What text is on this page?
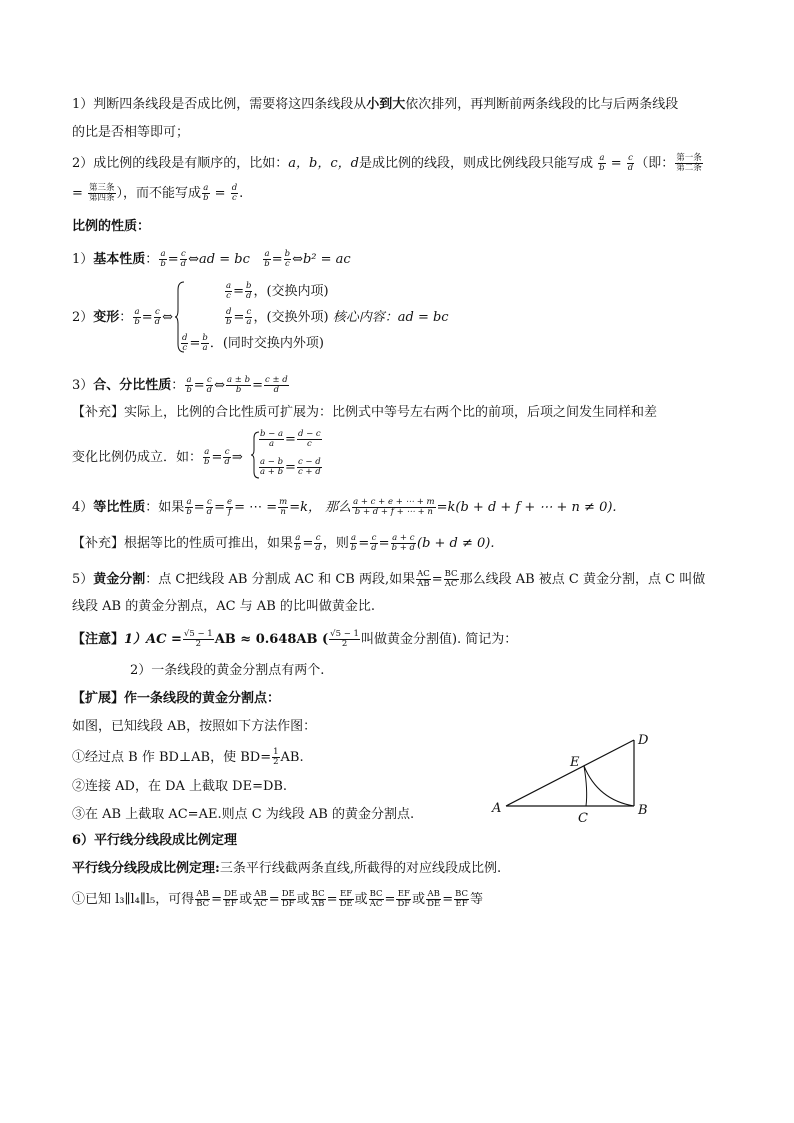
1）判断四条线段是否成比例，需要将这四条线段从小到大依次排列，再判断前两条线段的比与后两条线段
的比是否相等即可；
2）成比例的线段是有顺序的，比如：a，b，c，d是成比例的线段，则成比例线段只能写成 $\frac{a}{b} = \frac{c}{d}$ （即： $\frac{\text{第一条}}{\text{第二条}}$
= $\frac{\text{第三条}}{\text{第四条}}$ ），而不能写成 $\frac{a}{b} = \frac{d}{c}$ .
比例的性质：
1）基本性质： $\frac{a}{b} = \frac{c}{d}$ ⇔ad = bc $\frac{a}{b} = \frac{b}{c}$ ⇔b² = ac
2）变形： $\frac{a}{b} = \frac{c}{d}$ ⇔
$\frac{a}{c} = \frac{b}{d}$ ，(交换内项)
$\frac{d}{b} = \frac{c}{a}$ ，(交换外项) 核心内容：ad = bc
$\frac{d}{c} = \frac{b}{a}$ ．(同时交换内外项)
3）合、分比性质： $\frac{a}{b} = \frac{c}{d}$ ⇔ $\frac{a \pm b}{b} = \frac{c \pm d}{d}$
【补充】实际上，比例的合比性质可扩展为：比例式中等号左右两个比的前项，后项之间发生同样和差
变化比例仍成立．如： $\frac{a}{b} = \frac{c}{d}$ ⇒
$\frac{b - a}{a} = \frac{d - c}{c}$
$\frac{a - b}{a + b} = \frac{c - d}{c + d}$
4）等比性质：如果 $\frac{a}{b} = \frac{c}{d} = \frac{e}{f}$ = ⋯ = $\frac{m}{n} =k$， 那么 $\frac{a + c + e + \cdots + m}{b + d + f + \cdots + n} =k(b + d + f$ + ⋯ + n ≠ 0).
【补充】根据等比的性质可推出，如果 $\frac{a}{b} = \frac{c}{d}$ ，则 $\frac{a}{b} = \frac{c}{d} = \frac{a + c}{b + d} (b + d \ne 0)$.
5）黄金分割：点 C把线段 AB 分割成 AC 和 CB 两段,如果 $\frac{AC}{AB} = \frac{BC}{AC}$ 那么线段 AB 被点 C 黄金分割，点 C 叫做
线段 AB 的黄金分割点，AC 与 AB 的比叫做黄金比.
【注意】$1)AC = \frac{√5 - 1}{2}$ AB ≈ 0.648AB ( $\frac{√5 - 1}{2}$ 叫做黄金分割值). 简记为：
2）一条线段的黄金分割点有两个.
【扩展】作一条线段的黄金分割点：
如图，已知线段 AB，按照如下方法作图：
①经过点 B 作 BD⊥AB，使 $BD= \frac{1}{2}$ AB.
②连接 AD，在 DA 上截取 DE=DB.
③在 AB 上截取 AC=AE.则点 C 为线段 AB 的黄金分割点.	A	B
C
D
E
6）平行线分线段成比例定理
平行线分线段成比例定理:三条平行线截两条直线,所截得的对应线段成比例.
①已知 l₃∥l₄∥l₅，可得 $\frac{AB}{BC} = \frac{DE}{EF}$ 或 $\frac{AB}{AC} = \frac{DE}{DF}$ 或 $\frac{BC}{AB} = \frac{EF}{DE}$ 或 $\frac{BC}{AC} = \frac{EF}{DF}$ 或 $\frac{AB}{DE} = \frac{BC}{EF}$ 等
